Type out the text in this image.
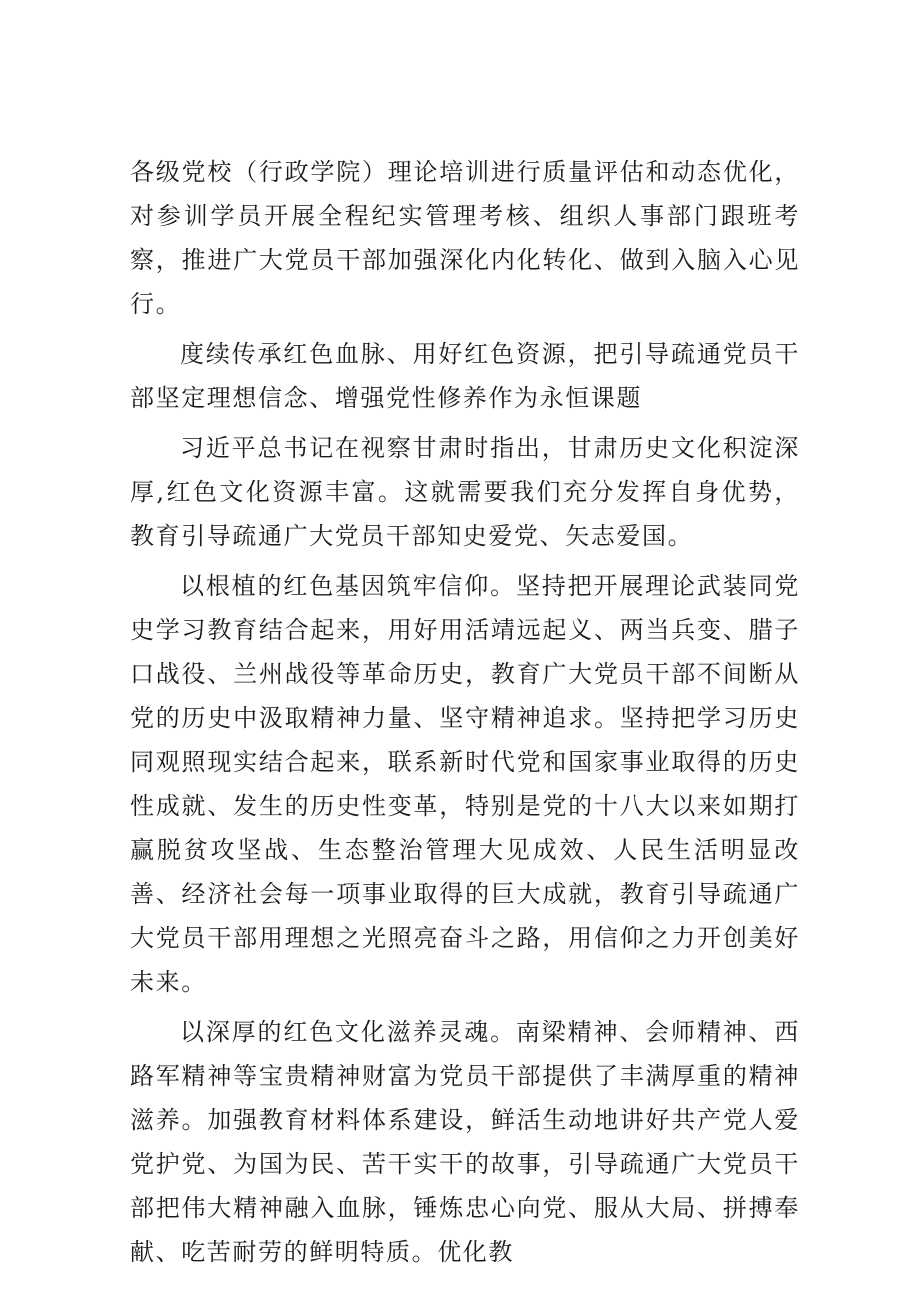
各级党校（行政学院）理论培训进行质量评估和动态优化，对参训学员开展全程纪实管理考核、组织人事部门跟班考察，推进广大党员干部加强深化内化转化、做到入脑入心见行。

度续传承红色血脉、用好红色资源，把引导疏通党员干部坚定理想信念、增强党性修养作为永恒课题

习近平总书记在视察甘肃时指出，甘肃历史文化积淀深厚,红色文化资源丰富。这就需要我们充分发挥自身优势，教育引导疏通广大党员干部知史爱党、矢志爱国。

以根植的红色基因筑牢信仰。坚持把开展理论武装同党史学习教育结合起来，用好用活靖远起义、两当兵变、腊子口战役、兰州战役等革命历史，教育广大党员干部不间断从党的历史中汲取精神力量、坚守精神追求。坚持把学习历史同观照现实结合起来，联系新时代党和国家事业取得的历史性成就、发生的历史性变革，特别是党的十八大以来如期打赢脱贫攻坚战、生态整治管理大见成效、人民生活明显改善、经济社会每一项事业取得的巨大成就，教育引导疏通广大党员干部用理想之光照亮奋斗之路，用信仰之力开创美好未来。

以深厚的红色文化滋养灵魂。南梁精神、会师精神、西路军精神等宝贵精神财富为党员干部提供了丰满厚重的精神滋养。加强教育材料体系建设，鲜活生动地讲好共产党人爱党护党、为国为民、苦干实干的故事，引导疏通广大党员干部把伟大精神融入血脉，锤炼忠心向党、服从大局、拼搏奉献、吃苦耐劳的鲜明特质。优化教
